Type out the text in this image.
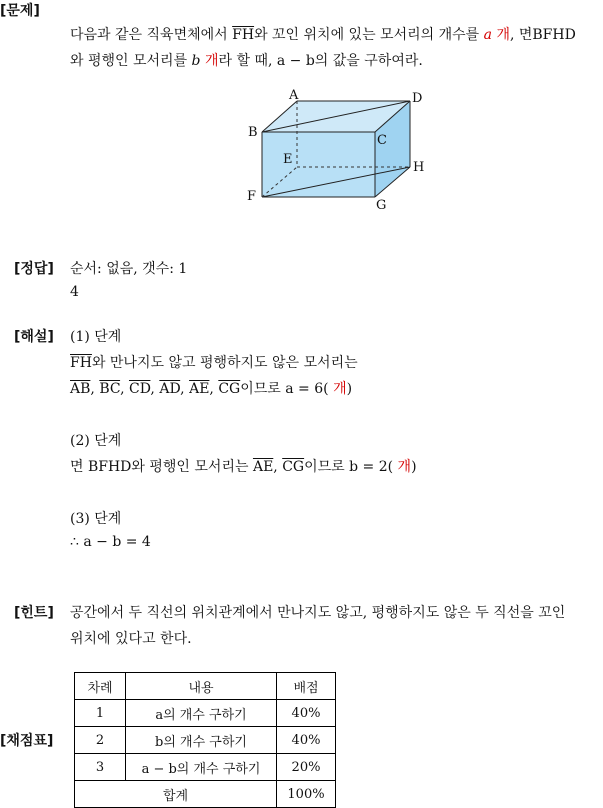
[문제]
다음과 같은 직육면체에서 $\overline{FH}$와 꼬인 위치에 있는 모서리의 개수를 a 개, 면BFHD
와 평행인 모서리를 b 개라 할 때, a − b의 값을 구하여라.
A	D
B
C
E
H
F
G
[정답] 순서: 없음, 갯수: 1
4
[해설] (1) 단계
$\overline{FH}$와 만나지도 않고 평행하지도 않은 모서리는
$\overline{AB}$, $\overline{BC}$, $\overline{CD}$, $\overline{AD}$, $\overline{AE}$, $\overline{CG}$이므로 a = 6( 개)
(2) 단계
면 BFHD와 평행인 모서리는 $\overline{AE}$, $\overline{CG}$이므로 b = 2( 개)
(3) 단계
∴ a − b = 4
[힌트] 공간에서 두 직선의 위치관계에서 만나지도 않고, 평행하지도 않은 두 직선을 꼬인
위치에 있다고 한다.
[채점표]
차례	내용	배점
1	a의 개수 구하기	40%
2	b의 개수 구하기	40%
3	a − b의 개수 구하기	20%
합계		100%
